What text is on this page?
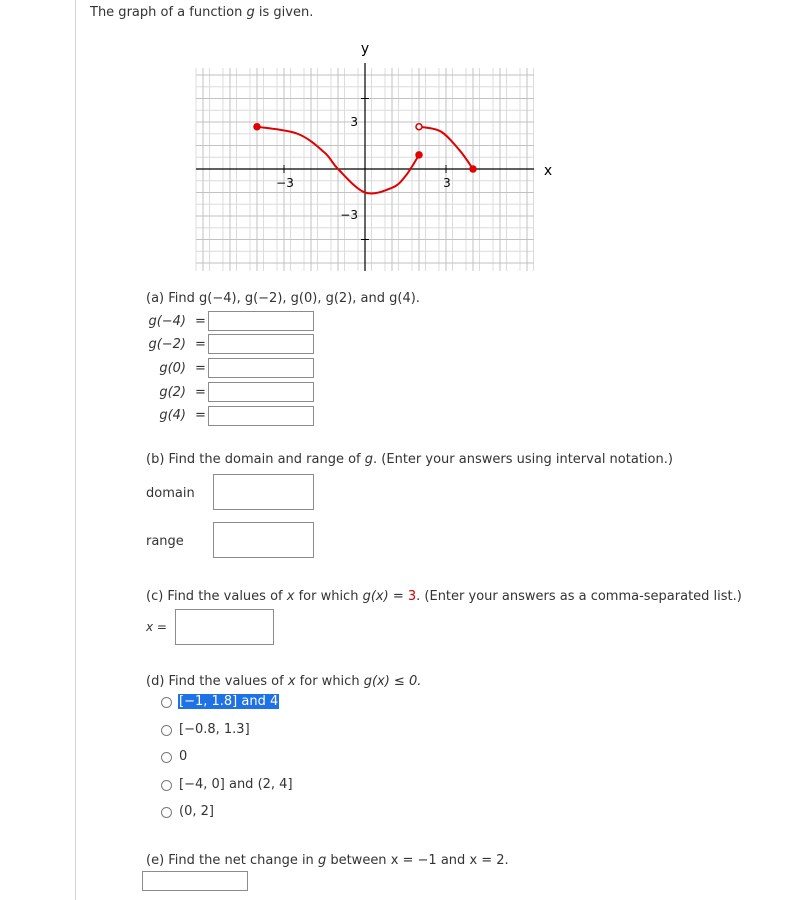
The graph of a function g is given.
y
x
−3	3
3
−3
(a) Find g(−4), g(−2), g(0), g(2), and g(4).
g(−4) =
g(−2) =
g(0) =
g(2) =
g(4) =
(b) Find the domain and range of g. (Enter your answers using interval notation.)
domain
range
(c) Find the values of x for which g(x) = 3. (Enter your answers as a comma-separated list.)
x =
(d) Find the values of x for which g(x) ≤ 0.
[−1, 1.8] and 4
[−0.8, 1.3]
0
[−4, 0] and (2, 4]
(0, 2]
(e) Find the net change in g between x = −1 and x = 2.
